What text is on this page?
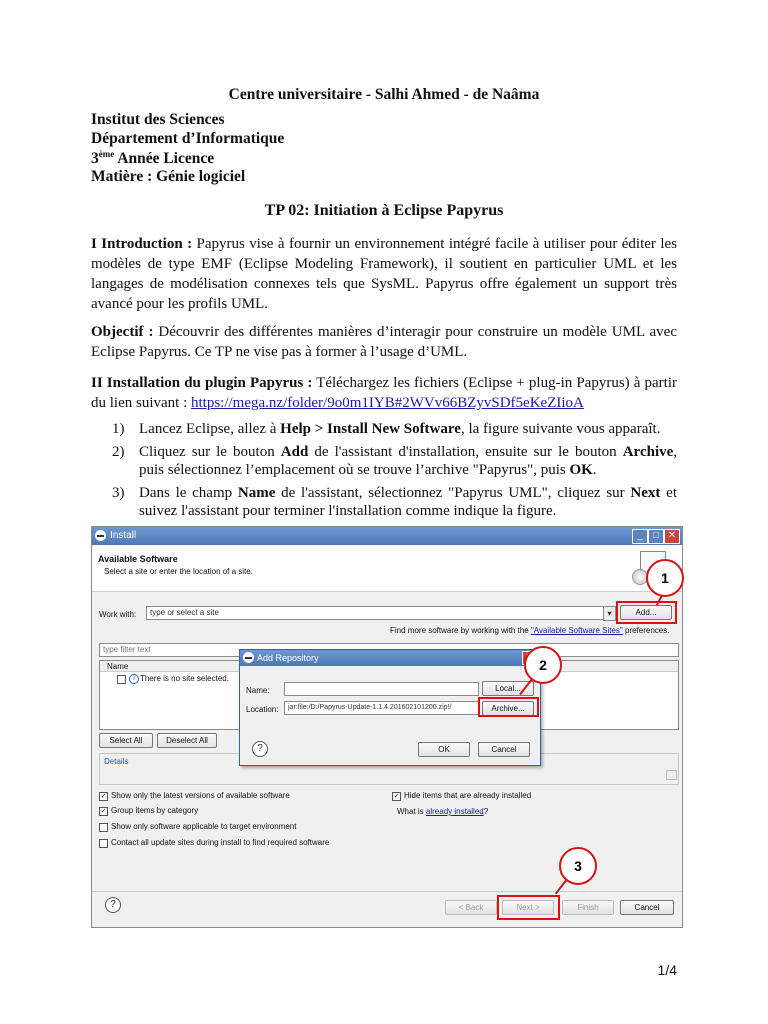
Centre universitaire - Salhi Ahmed - de Naâma
Institut des Sciences
Département d’Informatique
3ème Année Licence
Matière : Génie logiciel
TP 02: Initiation à Eclipse Papyrus
I Introduction : Papyrus vise à fournir un environnement intégré facile à utiliser pour éditer les modèles de type EMF (Eclipse Modeling Framework), il soutient en particulier UML et les langages de modélisation connexes tels que SysML. Papyrus offre également un support très avancé pour les profils UML.
Objectif : Découvrir des différentes manières d’interagir pour construire un modèle UML avec Eclipse Papyrus. Ce TP ne vise pas à former à l’usage d’UML.
II Installation du plugin Papyrus : Téléchargez les fichiers (Eclipse + plug-in Papyrus) à partir du lien suivant : https://mega.nz/folder/9o0m1IYB#2WVv66BZyvSDf5eKeZIioA
1) Lancez Eclipse, allez à Help > Install New Software, la figure suivante vous apparaît.
2) Cliquez sur le bouton Add de l'assistant d'installation, ensuite sur le bouton Archive, puis sélectionnez l’emplacement où se trouve l’archive "Papyrus", puis OK.
3) Dans le champ Name de l'assistant, sélectionnez "Papyrus UML", cliquez sur Next et suivez l'assistant pour terminer l'installation comme indique la figure.
Install	_	□ ✕
Available Software
Select a site or enter the location of a site.
Work with:	type or select a site	▾	Add...
Find more software by working with the "Available Software Sites" preferences.
type filter text
Name
i There is no site selected.
Select All	Deselect All
Details
✓ Show only the latest versions of available software
✓ Group items by category
Show only software applicable to target environment
Contact all update sites during install to find required software
✓ Hide items that are already installed
What is already installed?
?	< Back	Next >	Finish	Cancel
Add Repository
Name:	Local...
Location:	jar:file:/D:/Papyrus-Update-1.1.4.201602101200.zip!/	Archive...
?	OK	Cancel
1
2
3
1/4
